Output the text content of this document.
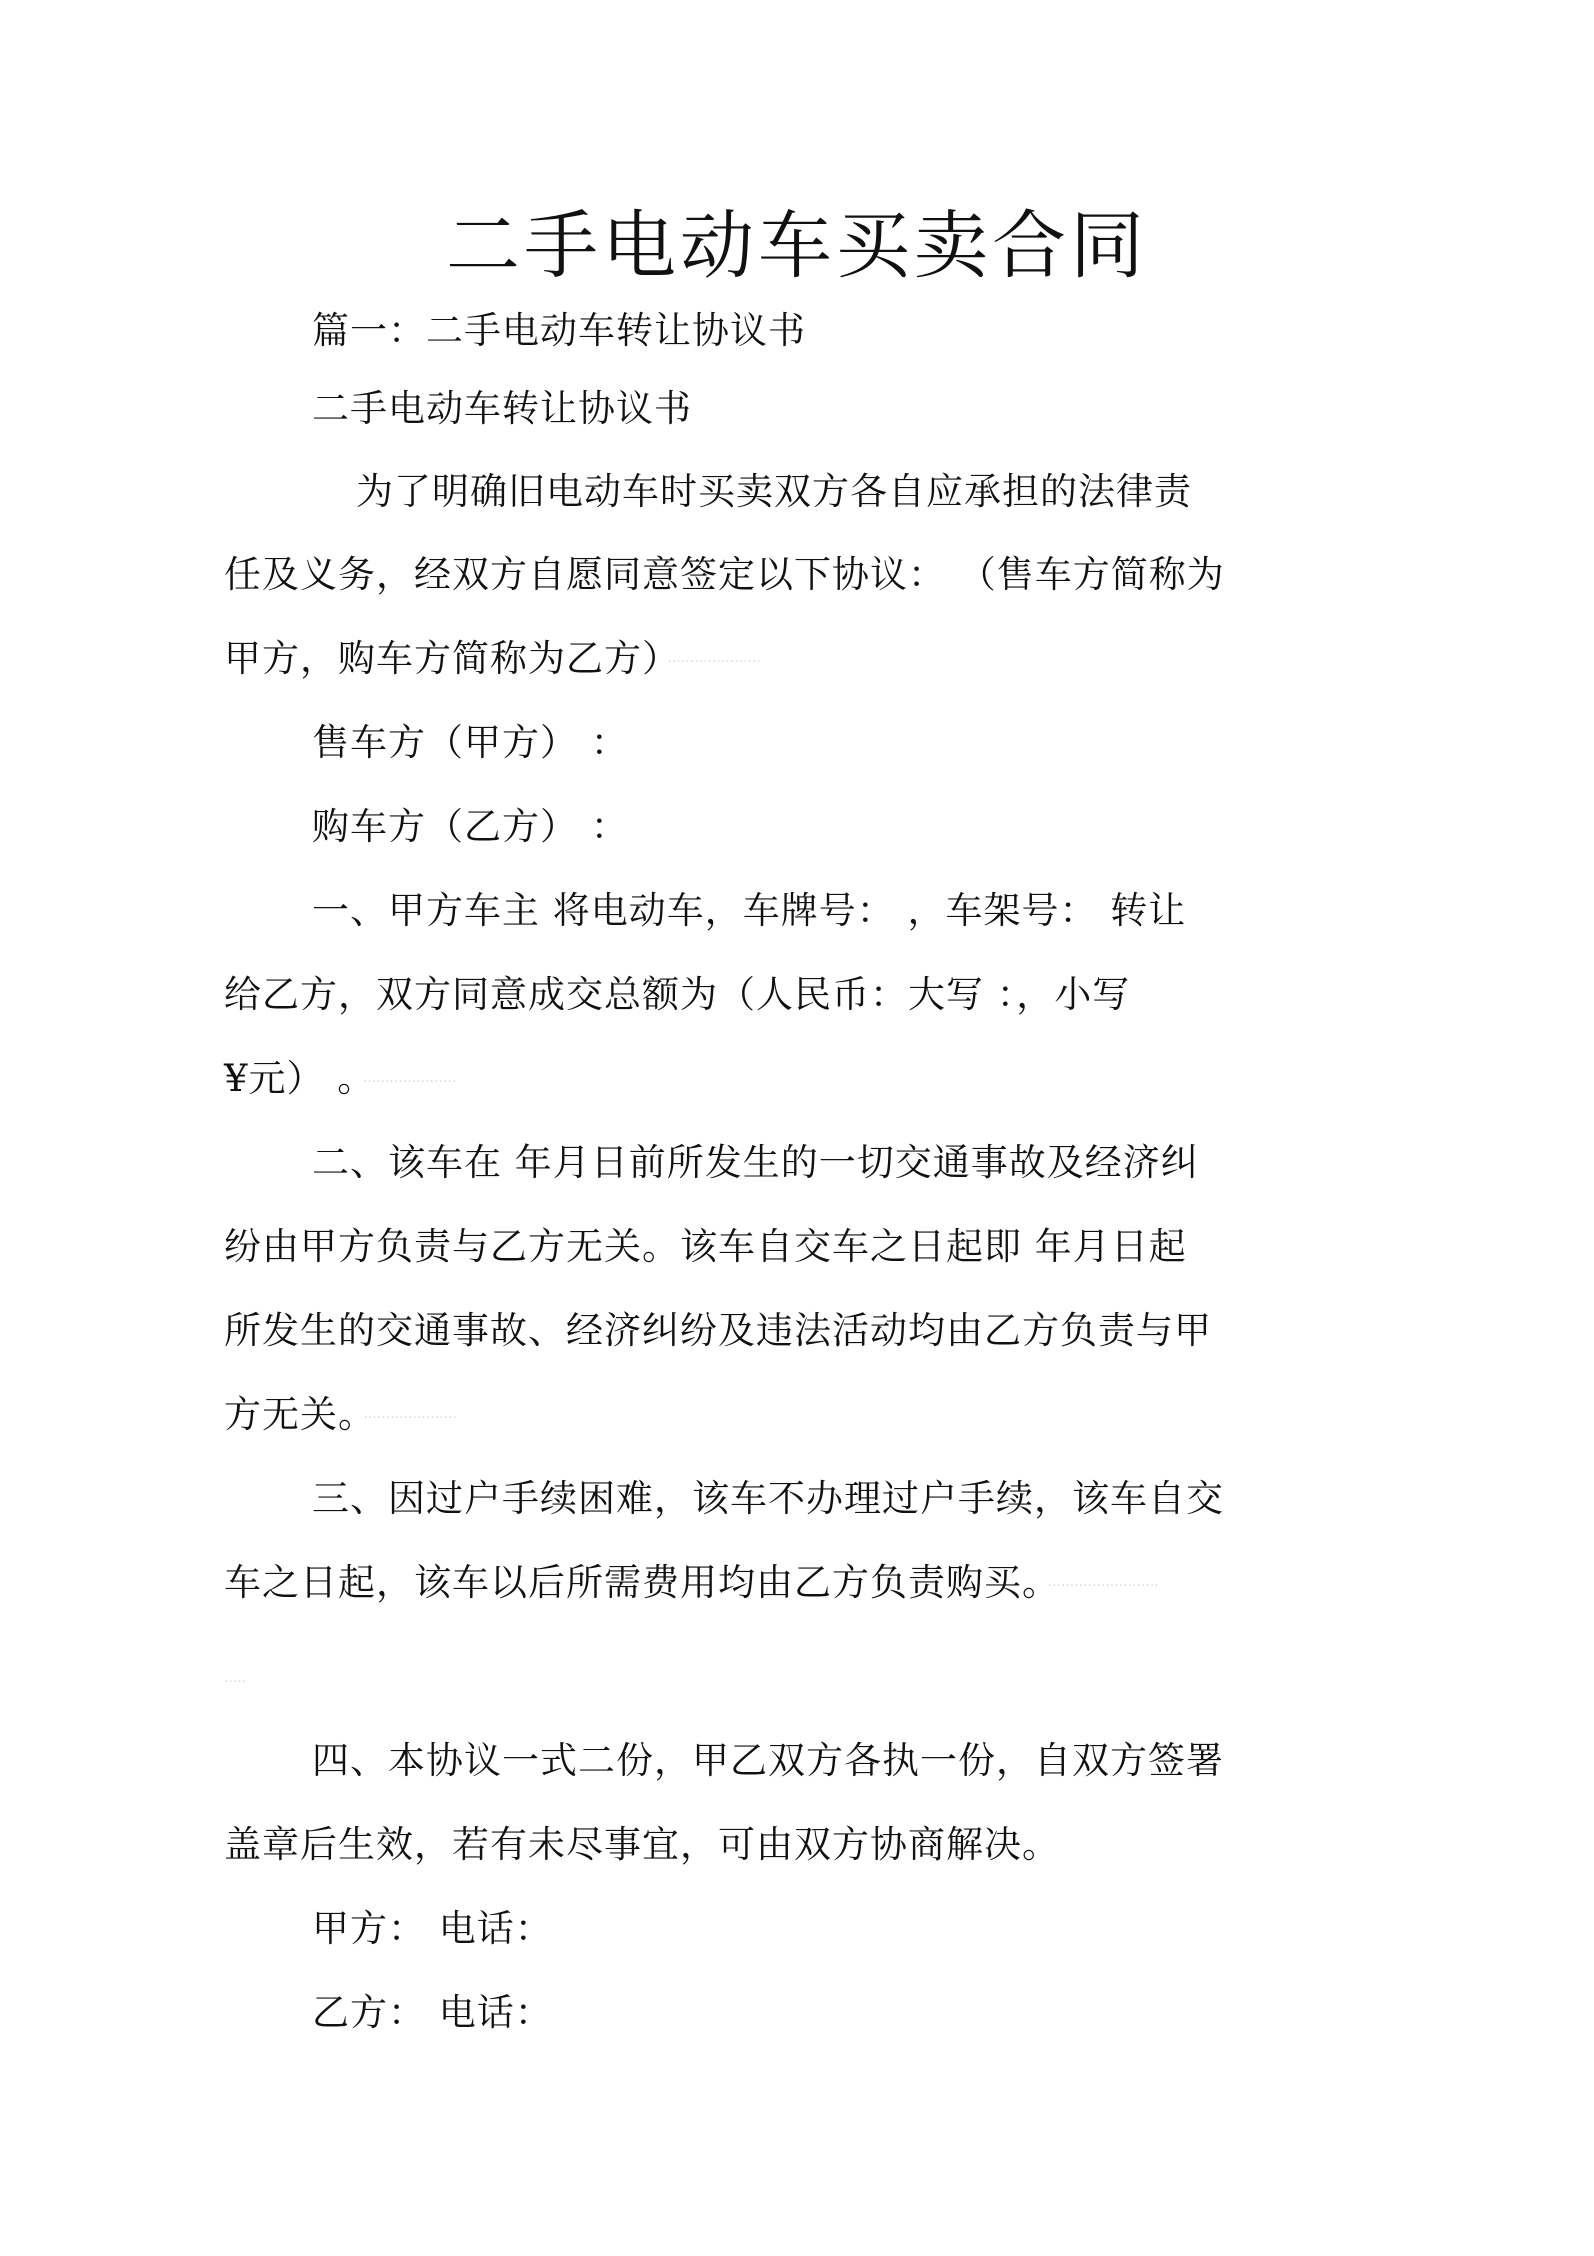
二手电动车买卖合同
篇一：二手电动车转让协议书
二手电动车转让协议书
为了明确旧电动车时买卖双方各自应承担的法律责
任及义务，经双方自愿同意签定以下协议： （售车方简称为
甲方，购车方简称为乙方） ·····················
售车方（甲方） ：
购车方（乙方） ：
一、甲方车主 将电动车，车牌号： ，车架号： 转让
给乙方，双方同意成交总额为（人民币：大写 ：，小写
¥元） 。 ·····················
二、该车在 年月日前所发生的一切交通事故及经济纠
纷由甲方负责与乙方无关。该车自交车之日起即 年月日起
所发生的交通事故、经济纠纷及违法活动均由乙方负责与甲
方无关。 ·····················
三、因过户手续困难，该车不办理过户手续，该车自交
车之日起，该车以后所需费用均由乙方负责购买。 ·························
·····
四、本协议一式二份，甲乙双方各执一份，自双方签署
盖章后生效，若有未尽事宜，可由双方协商解决。
甲方： 电话：
乙方： 电话：
